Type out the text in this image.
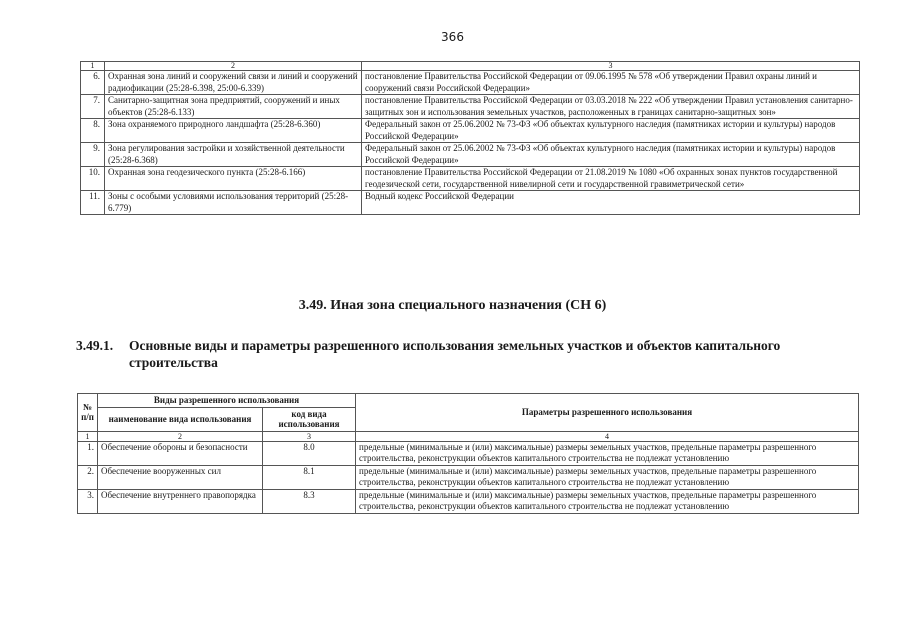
366
1	2	3
6.	Охранная зона линий и сооружений связи и линий и сооружений радиофикации (25:28-6.398, 25:00-6.339)	постановление Правительства Российской Федерации от 09.06.1995 № 578 «Об утверждении Правил охраны линий и сооружений связи Российской Федерации»
7.	Санитарно-защитная зона предприятий, сооружений и иных объектов (25:28-6.133)	постановление Правительства Российской Федерации от 03.03.2018 № 222 «Об утверждении Правил установления санитарно-защитных зон и использования земельных участков, расположенных в границах санитарно-защитных зон»
8.	Зона охраняемого природного ландшафта (25:28-6.360)	Федеральный закон от 25.06.2002 № 73-ФЗ «Об объектах культурного наследия (памятниках истории и культуры) народов Российской Федерации»
9.	Зона регулирования застройки и хозяйственной деятельности (25:28-6.368)	Федеральный закон от 25.06.2002 № 73-ФЗ «Об объектах культурного наследия (памятниках истории и культуры) народов Российской Федерации»
10.	Охранная зона геодезического пункта (25:28-6.166)	постановление Правительства Российской Федерации от 21.08.2019 № 1080 «Об охранных зонах пунктов государственной геодезической сети, государственной нивелирной сети и государственной гравиметрической сети»
11.	Зоны с особыми условиями использования территорий (25:28-6.779)	Водный кодекс Российской Федерации
3.49. Иная зона специального назначения (СН 6)
3.49.1. Основные виды и параметры разрешенного использования земельных участков и объектов капитального строительства
№ п/п	Виды разрешенного использования		Параметры разрешенного использования
	наименование вида использования	код вида использования	
1	2	3	4
1.	Обеспечение обороны и безопасности	8.0	предельные (минимальные и (или) максимальные) размеры земельных участков, предельные параметры разрешенного строительства, реконструкции объектов капитального строительства не подлежат установлению
2.	Обеспечение вооруженных сил	8.1	предельные (минимальные и (или) максимальные) размеры земельных участков, предельные параметры разрешенного строительства, реконструкции объектов капитального строительства не подлежат установлению
3.	Обеспечение внутреннего правопорядка	8.3	предельные (минимальные и (или) максимальные) размеры земельных участков, предельные параметры разрешенного строительства, реконструкции объектов капитального строительства не подлежат установлению
